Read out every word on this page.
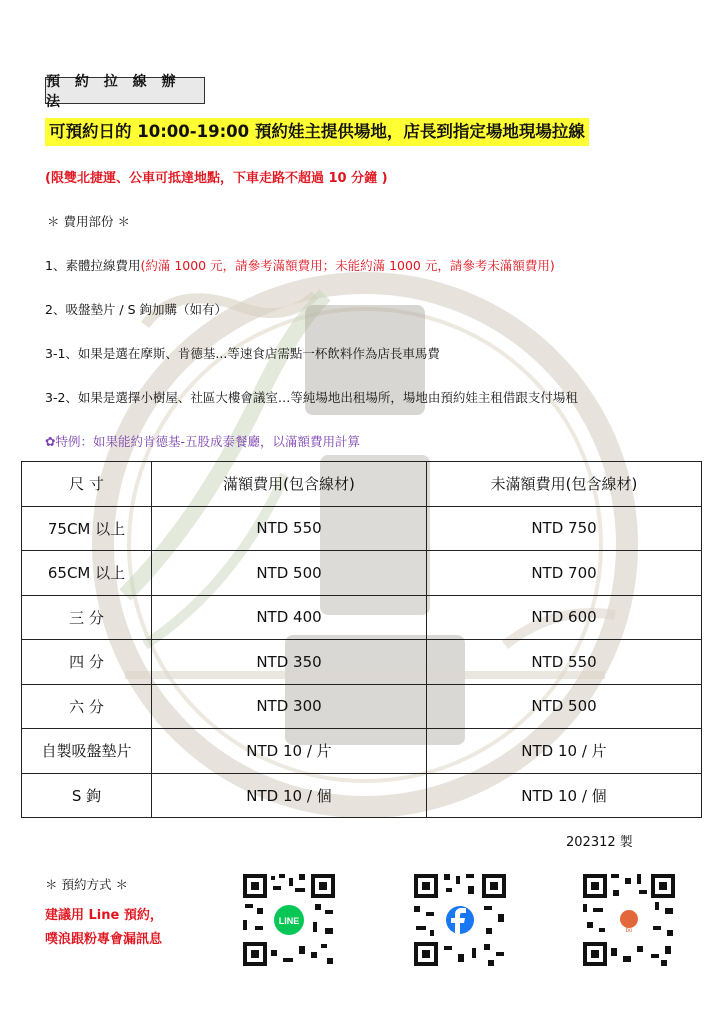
預 約 拉 線 辦 法
可預約日的 10:00-19:00 預約娃主提供場地，店長到指定場地現場拉線
(限雙北捷運、公車可抵達地點，下車走路不超過 10 分鐘 )
＊ 費用部份 ＊
1、素體拉線費用(約滿 1000 元，請參考滿額費用；未能約滿 1000 元，請參考未滿額費用)
2、吸盤墊片 / S 鉤加購（如有）
3-1、如果是選在摩斯、肯德基...等速食店需點一杯飲料作為店長車馬費
3-2、如果是選擇小樹屋、社區大樓會議室…等純場地出租場所，場地由預約娃主租借跟支付場租
✿特例：如果能約肯德基-五股成泰餐廳，以滿額費用計算
尺 寸	滿額費用(包含線材)	未滿額費用(包含線材)
75CM 以上	NTD 550	NTD 750
65CM 以上	NTD 500	NTD 700
三 分	NTD 400	NTD 600
四 分	NTD 350	NTD 550
六 分	NTD 300	NTD 500
自製吸盤墊片	NTD 10 / 片	NTD 10 / 片
S 鉤	NTD 10 / 個	NTD 10 / 個
202312 製
＊ 預約方式 ＊
建議用 Line 預約，
噗浪跟粉專會漏訊息
LINE
bo
